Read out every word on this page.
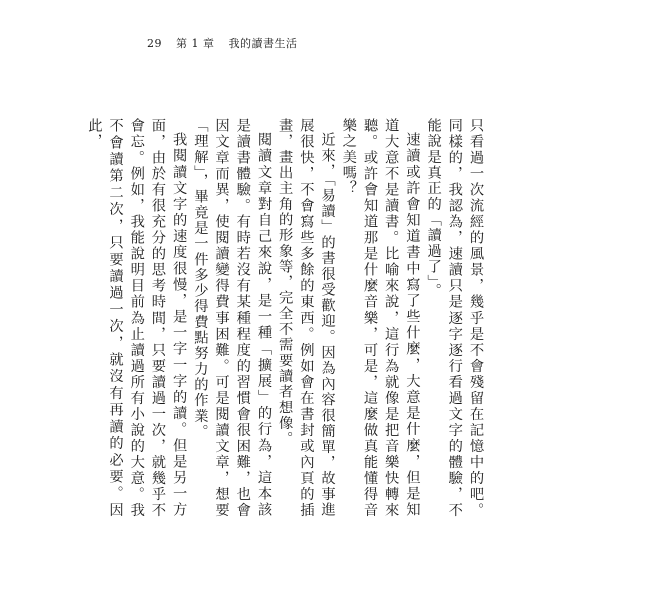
29 第 1 章 我的讀書生活

只看過一次流經的風景，幾乎是不會殘留在記憶中的吧。同樣的，我認為，速讀只是逐字逐行看過文字的體驗，不能說是真正的「讀過了」。

速讀或許會知道書中寫了些什麼，大意是什麼，但是知道大意不是讀書。比喻來說，這行為就像是把音樂快轉來聽。或許會知道那是什麼音樂，可是，這麼做真能懂得音樂之美嗎？

近來，「易讀」的書很受歡迎。因為內容很簡單，故事進展很快，不會寫些多餘的東西。例如會在書封或內頁的插畫，畫出主角的形象等，完全不需要讀者想像。

閱讀文章對自己來說，是一種「擴展」的行為，這本該是讀書體驗。有時若沒有某種程度的習慣會很困難，也會因文章而異，使閱讀變得費事困難。可是閱讀文章，想要「理解」，畢竟是一件多少得費點努力的作業。

我閱讀文字的速度很慢，是一字一字的讀。但是另一方面，由於有很充分的思考時間，只要讀過一次，就幾乎不會忘。例如，我能說明目前為止讀過所有小說的大意。我不會讀第二次，只要讀過一次，就沒有再讀的必要。因此，
